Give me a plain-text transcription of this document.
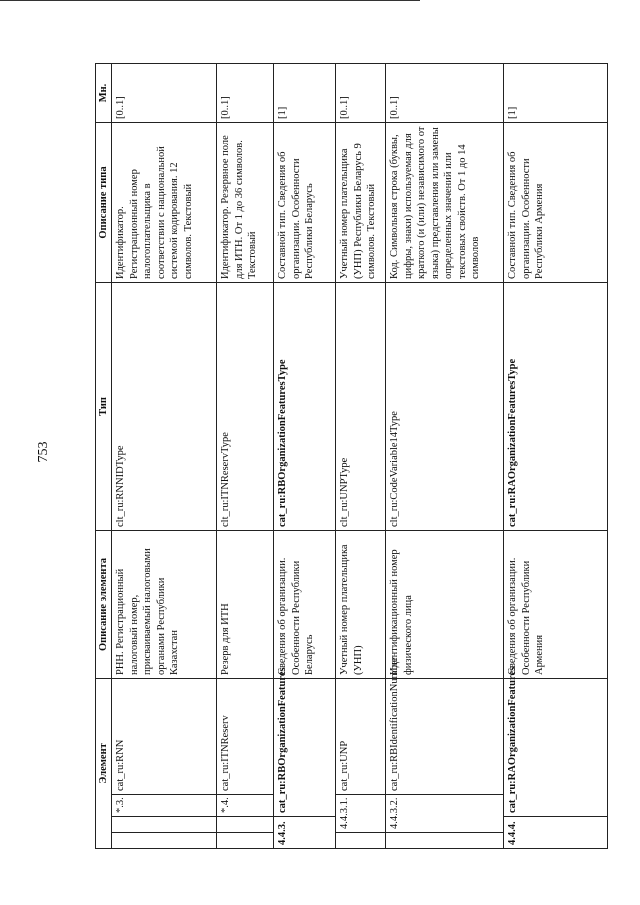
753
Элемент				Описание элемента	Тип	Описание типа	Мн.
		*.3.	cat_ru:RNN	РНН. Регистрационный налоговый номер, присваиваемый налоговыми органами Республики Казахстан	clt_ru:RNNIDType	Идентификатор. Регистрационный номер налогоплательщика в соответствии с национальной системой кодирования. 12 символов. Текстовый	[0..1]
		*.4.	cat_ru:ITNReserv	Резерв для ИТН	clt_ru:ITNReservType	Идентификатор. Резервное поле для ИТН. От 1 до 36 символов. Текстовый	[0..1]
4.4.3.		cat_ru:RBOrganizationFeatures		Сведения об организации. Особенности Республики Беларусь	cat_ru:RBOrganizationFeaturesType	Составной тип. Сведения об организации. Особенности Республики Беларусь	[1]
	4.4.3.1.		cat_ru:UNP	Учетный номер плательщика (УНП)	clt_ru:UNPType	Учетный номер плательщика (УНП) Республики Беларусь 9 символов. Текстовый	[0..1]
	4.4.3.2.		cat_ru:RBIdentificationNumber	Идентификационный номер физического лица	clt_ru:CodeVariable14Type	Код. Символьная строка (буквы, цифры, знаки) используемая для краткого (и (или) независимого от языка) представления или замены определенных значений или текстовых свойств. От 1 до 14 символов	[0..1]
4.4.4.		cat_ru:RAOrganizationFeatures		Сведения об организации. Особенности Республики Армения	cat_ru:RAOrganizationFeaturesType	Составной тип. Сведения об организации. Особенности Республики Армения	[1]
